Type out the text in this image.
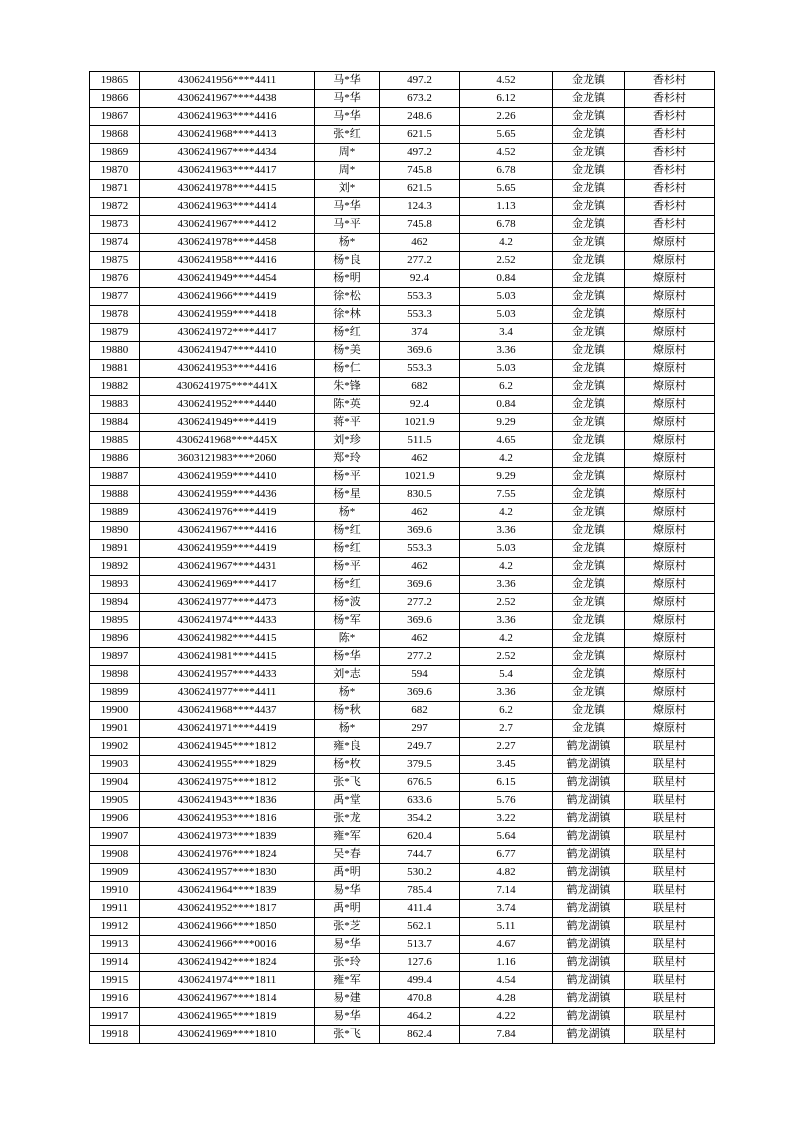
19865	4306241956****4411	马*华	497.2	4.52	金龙镇	香杉村
19866	4306241967****4438	马*华	673.2	6.12	金龙镇	香杉村
19867	4306241963****4416	马*华	248.6	2.26	金龙镇	香杉村
19868	4306241968****4413	张*红	621.5	5.65	金龙镇	香杉村
19869	4306241967****4434	周*	497.2	4.52	金龙镇	香杉村
19870	4306241963****4417	周*	745.8	6.78	金龙镇	香杉村
19871	4306241978****4415	刘*	621.5	5.65	金龙镇	香杉村
19872	4306241963****4414	马*华	124.3	1.13	金龙镇	香杉村
19873	4306241967****4412	马*平	745.8	6.78	金龙镇	香杉村
19874	4306241978****4458	杨*	462	4.2	金龙镇	燎原村
19875	4306241958****4416	杨*良	277.2	2.52	金龙镇	燎原村
19876	4306241949****4454	杨*明	92.4	0.84	金龙镇	燎原村
19877	4306241966****4419	徐*松	553.3	5.03	金龙镇	燎原村
19878	4306241959****4418	徐*林	553.3	5.03	金龙镇	燎原村
19879	4306241972****4417	杨*红	374	3.4	金龙镇	燎原村
19880	4306241947****4410	杨*美	369.6	3.36	金龙镇	燎原村
19881	4306241953****4416	杨*仁	553.3	5.03	金龙镇	燎原村
19882	4306241975****441X	朱*锋	682	6.2	金龙镇	燎原村
19883	4306241952****4440	陈*英	92.4	0.84	金龙镇	燎原村
19884	4306241949****4419	蒋*平	1021.9	9.29	金龙镇	燎原村
19885	4306241968****445X	刘*珍	511.5	4.65	金龙镇	燎原村
19886	3603121983****2060	郑*玲	462	4.2	金龙镇	燎原村
19887	4306241959****4410	杨*平	1021.9	9.29	金龙镇	燎原村
19888	4306241959****4436	杨*星	830.5	7.55	金龙镇	燎原村
19889	4306241976****4419	杨*	462	4.2	金龙镇	燎原村
19890	4306241967****4416	杨*红	369.6	3.36	金龙镇	燎原村
19891	4306241959****4419	杨*红	553.3	5.03	金龙镇	燎原村
19892	4306241967****4431	杨*平	462	4.2	金龙镇	燎原村
19893	4306241969****4417	杨*红	369.6	3.36	金龙镇	燎原村
19894	4306241977****4473	杨*波	277.2	2.52	金龙镇	燎原村
19895	4306241974****4433	杨*军	369.6	3.36	金龙镇	燎原村
19896	4306241982****4415	陈*	462	4.2	金龙镇	燎原村
19897	4306241981****4415	杨*华	277.2	2.52	金龙镇	燎原村
19898	4306241957****4433	刘*志	594	5.4	金龙镇	燎原村
19899	4306241977****4411	杨*	369.6	3.36	金龙镇	燎原村
19900	4306241968****4437	杨*秋	682	6.2	金龙镇	燎原村
19901	4306241971****4419	杨*	297	2.7	金龙镇	燎原村
19902	4306241945****1812	雍*良	249.7	2.27	鹤龙湖镇	联星村
19903	4306241955****1829	杨*枚	379.5	3.45	鹤龙湖镇	联星村
19904	4306241975****1812	张*飞	676.5	6.15	鹤龙湖镇	联星村
19905	4306241943****1836	禹*堂	633.6	5.76	鹤龙湖镇	联星村
19906	4306241953****1816	张*龙	354.2	3.22	鹤龙湖镇	联星村
19907	4306241973****1839	雍*军	620.4	5.64	鹤龙湖镇	联星村
19908	4306241976****1824	吴*春	744.7	6.77	鹤龙湖镇	联星村
19909	4306241957****1830	禹*明	530.2	4.82	鹤龙湖镇	联星村
19910	4306241964****1839	易*华	785.4	7.14	鹤龙湖镇	联星村
19911	4306241952****1817	禹*明	411.4	3.74	鹤龙湖镇	联星村
19912	4306241966****1850	张*芝	562.1	5.11	鹤龙湖镇	联星村
19913	4306241966****0016	易*华	513.7	4.67	鹤龙湖镇	联星村
19914	4306241942****1824	张*玲	127.6	1.16	鹤龙湖镇	联星村
19915	4306241974****1811	雍*军	499.4	4.54	鹤龙湖镇	联星村
19916	4306241967****1814	易*建	470.8	4.28	鹤龙湖镇	联星村
19917	4306241965****1819	易*华	464.2	4.22	鹤龙湖镇	联星村
19918	4306241969****1810	张*飞	862.4	7.84	鹤龙湖镇	联星村
